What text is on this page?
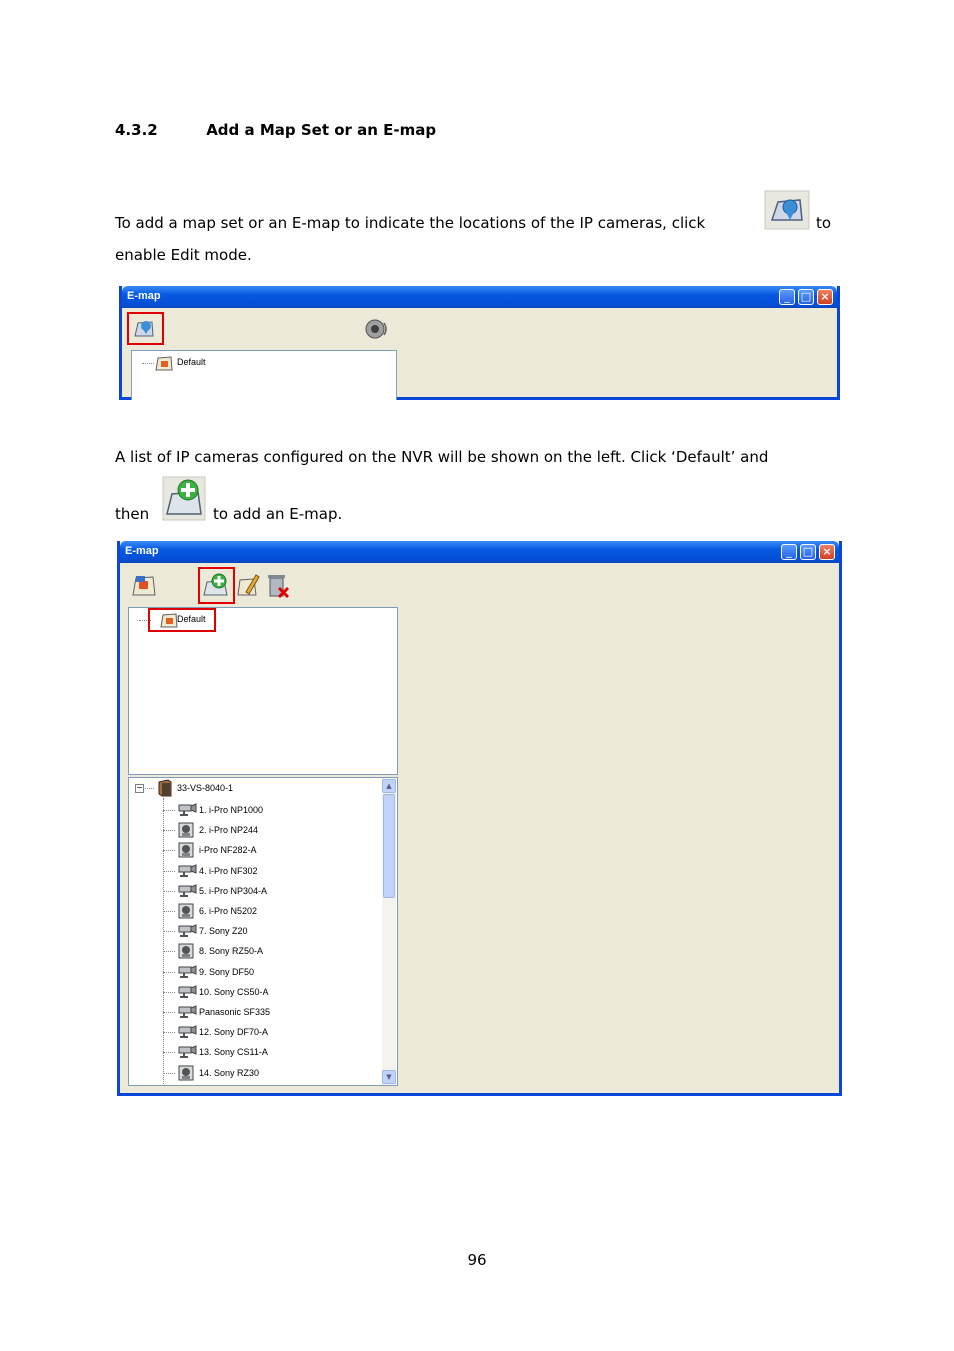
4.3.2	Add a Map Set or an E-map
To add a map set or an E-map to indicate the locations of the IP cameras, click	to
enable Edit mode.
E-map	_	□ ×
Default
A list of IP cameras configured on the NVR will be shown on the left. Click ‘Default’ and
then	to add an E-map.
E-map	_	□ ×
Default
−	33-VS-8040-1
1. i-Pro NP1000
2. i-Pro NP244
i-Pro NF282-A
4. i-Pro NF302
5. i-Pro NP304-A
6. i-Pro N5202
7. Sony Z20
8. Sony RZ50-A
9. Sony DF50
10. Sony CS50-A
Panasonic SF335
12. Sony DF70-A
13. Sony CS11-A
14. Sony RZ30
▲
▼
96
